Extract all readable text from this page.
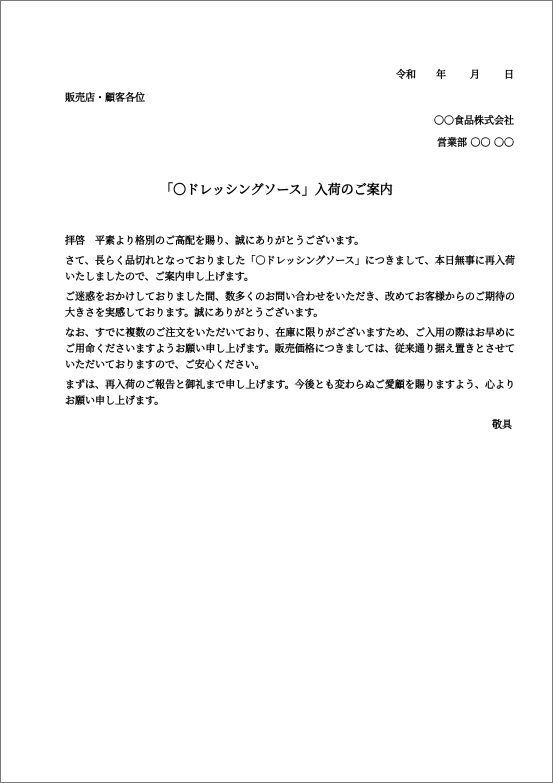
令和 年 月 日
販売店・顧客各位
〇〇食品株式会社
営業部 〇〇 〇〇
「〇ドレッシングソース」入荷のご案内

拝啓　平素より格別のご高配を賜り、誠にありがとうございます。

さて、長らく品切れとなっておりました「〇ドレッシングソース」につきまして、本日無事に再入荷いたしましたので、ご案内申し上げます。

ご迷惑をおかけしておりました間、数多くのお問い合わせをいただき、改めてお客様からのご期待の大きさを実感しております。誠にありがとうございます。

なお、すでに複数のご注文をいただいており、在庫に限りがございますため、ご入用の際はお早めにご用命くださいますようお願い申し上げます。販売価格につきましては、従来通り据え置きとさせていただいておりますので、ご安心ください。

まずは、再入荷のご報告と御礼まで申し上げます。今後とも変わらぬご愛顧を賜りますよう、心よりお願い申し上げます。

敬具
